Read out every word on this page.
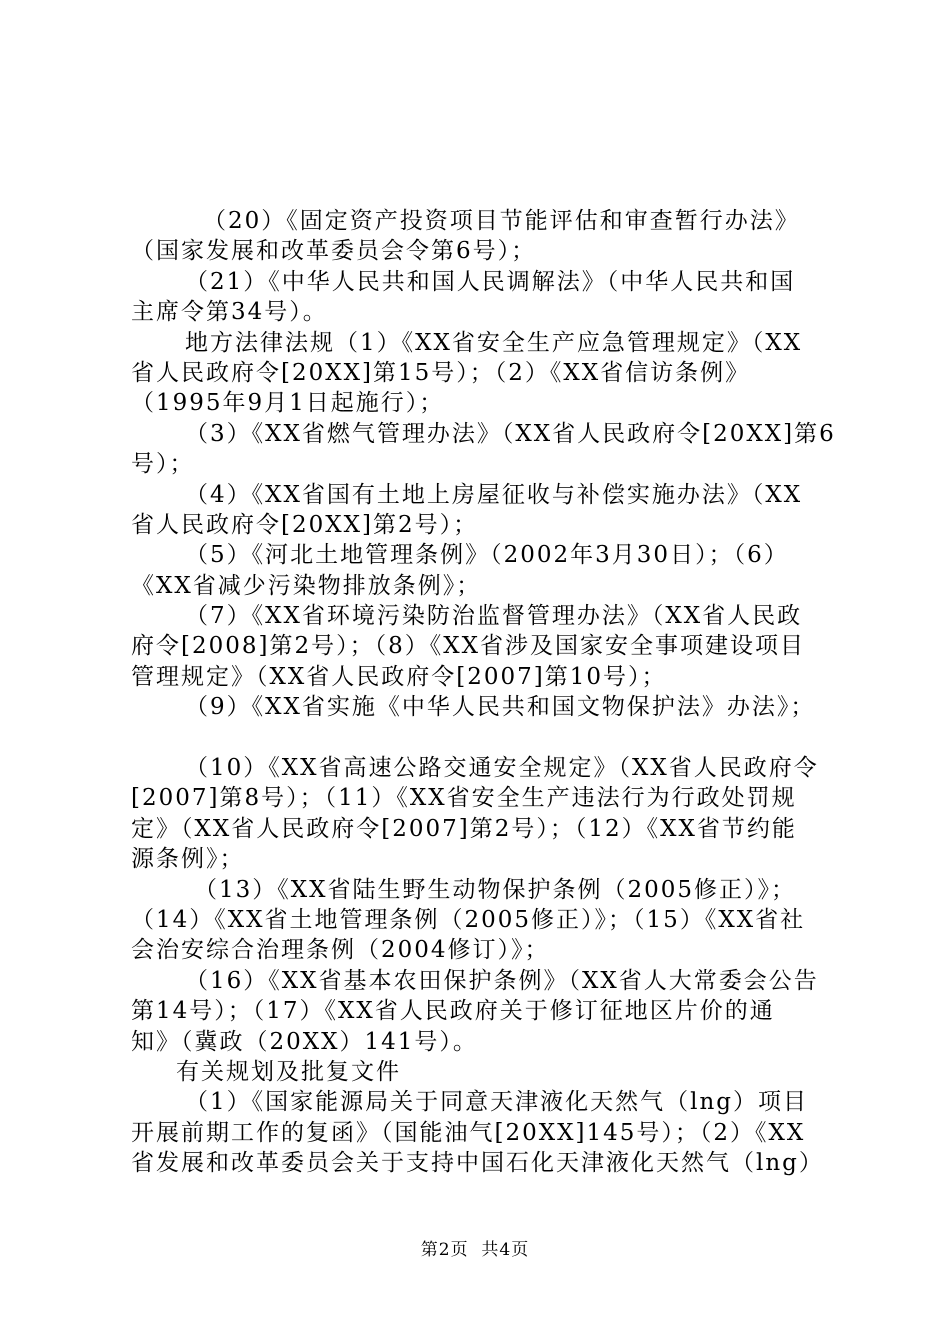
（20）《固定资产投资项目节能评估和审查暂行办法》
（国家发展和改革委员会令第6号）；
（21）《中华人民共和国人民调解法》（中华人民共和国
主席令第34号）。
地方法律法规（1）《XX省安全生产应急管理规定》（XX
省人民政府令[20XX]第15号）；（2）《XX省信访条例》
（1995年9月1日起施行）；
（3）《XX省燃气管理办法》（XX省人民政府令[20XX]第6
号）；
（4）《XX省国有土地上房屋征收与补偿实施办法》（XX
省人民政府令[20XX]第2号）；
（5）《河北土地管理条例》（2002年3月30日）；（6）
《XX省减少污染物排放条例》；
（7）《XX省环境污染防治监督管理办法》（XX省人民政
府令[2008]第2号）；（8）《XX省涉及国家安全事项建设项目
管理规定》（XX省人民政府令[2007]第10号）；
（9）《XX省实施《中华人民共和国文物保护法》办法》；
（10）《XX省高速公路交通安全规定》（XX省人民政府令
[2007]第8号）；（11）《XX省安全生产违法行为行政处罚规
定》（XX省人民政府令[2007]第2号）；（12）《XX省节约能
源条例》；
（13）《XX省陆生野生动物保护条例（2005修正）》；
（14）《XX省土地管理条例（2005修正）》；（15）《XX省社
会治安综合治理条例（2004修订）》；
（16）《XX省基本农田保护条例》（XX省人大常委会公告
第14号）；（17）《XX省人民政府关于修订征地区片价的通
知》（冀政（20XX）141号）。
有关规划及批复文件
（1）《国家能源局关于同意天津液化天然气（lng）项目
开展前期工作的复函》（国能油气[20XX]145号）；（2）《XX
省发展和改革委员会关于支持中国石化天津液化天然气（lng）
第2页  共4页
